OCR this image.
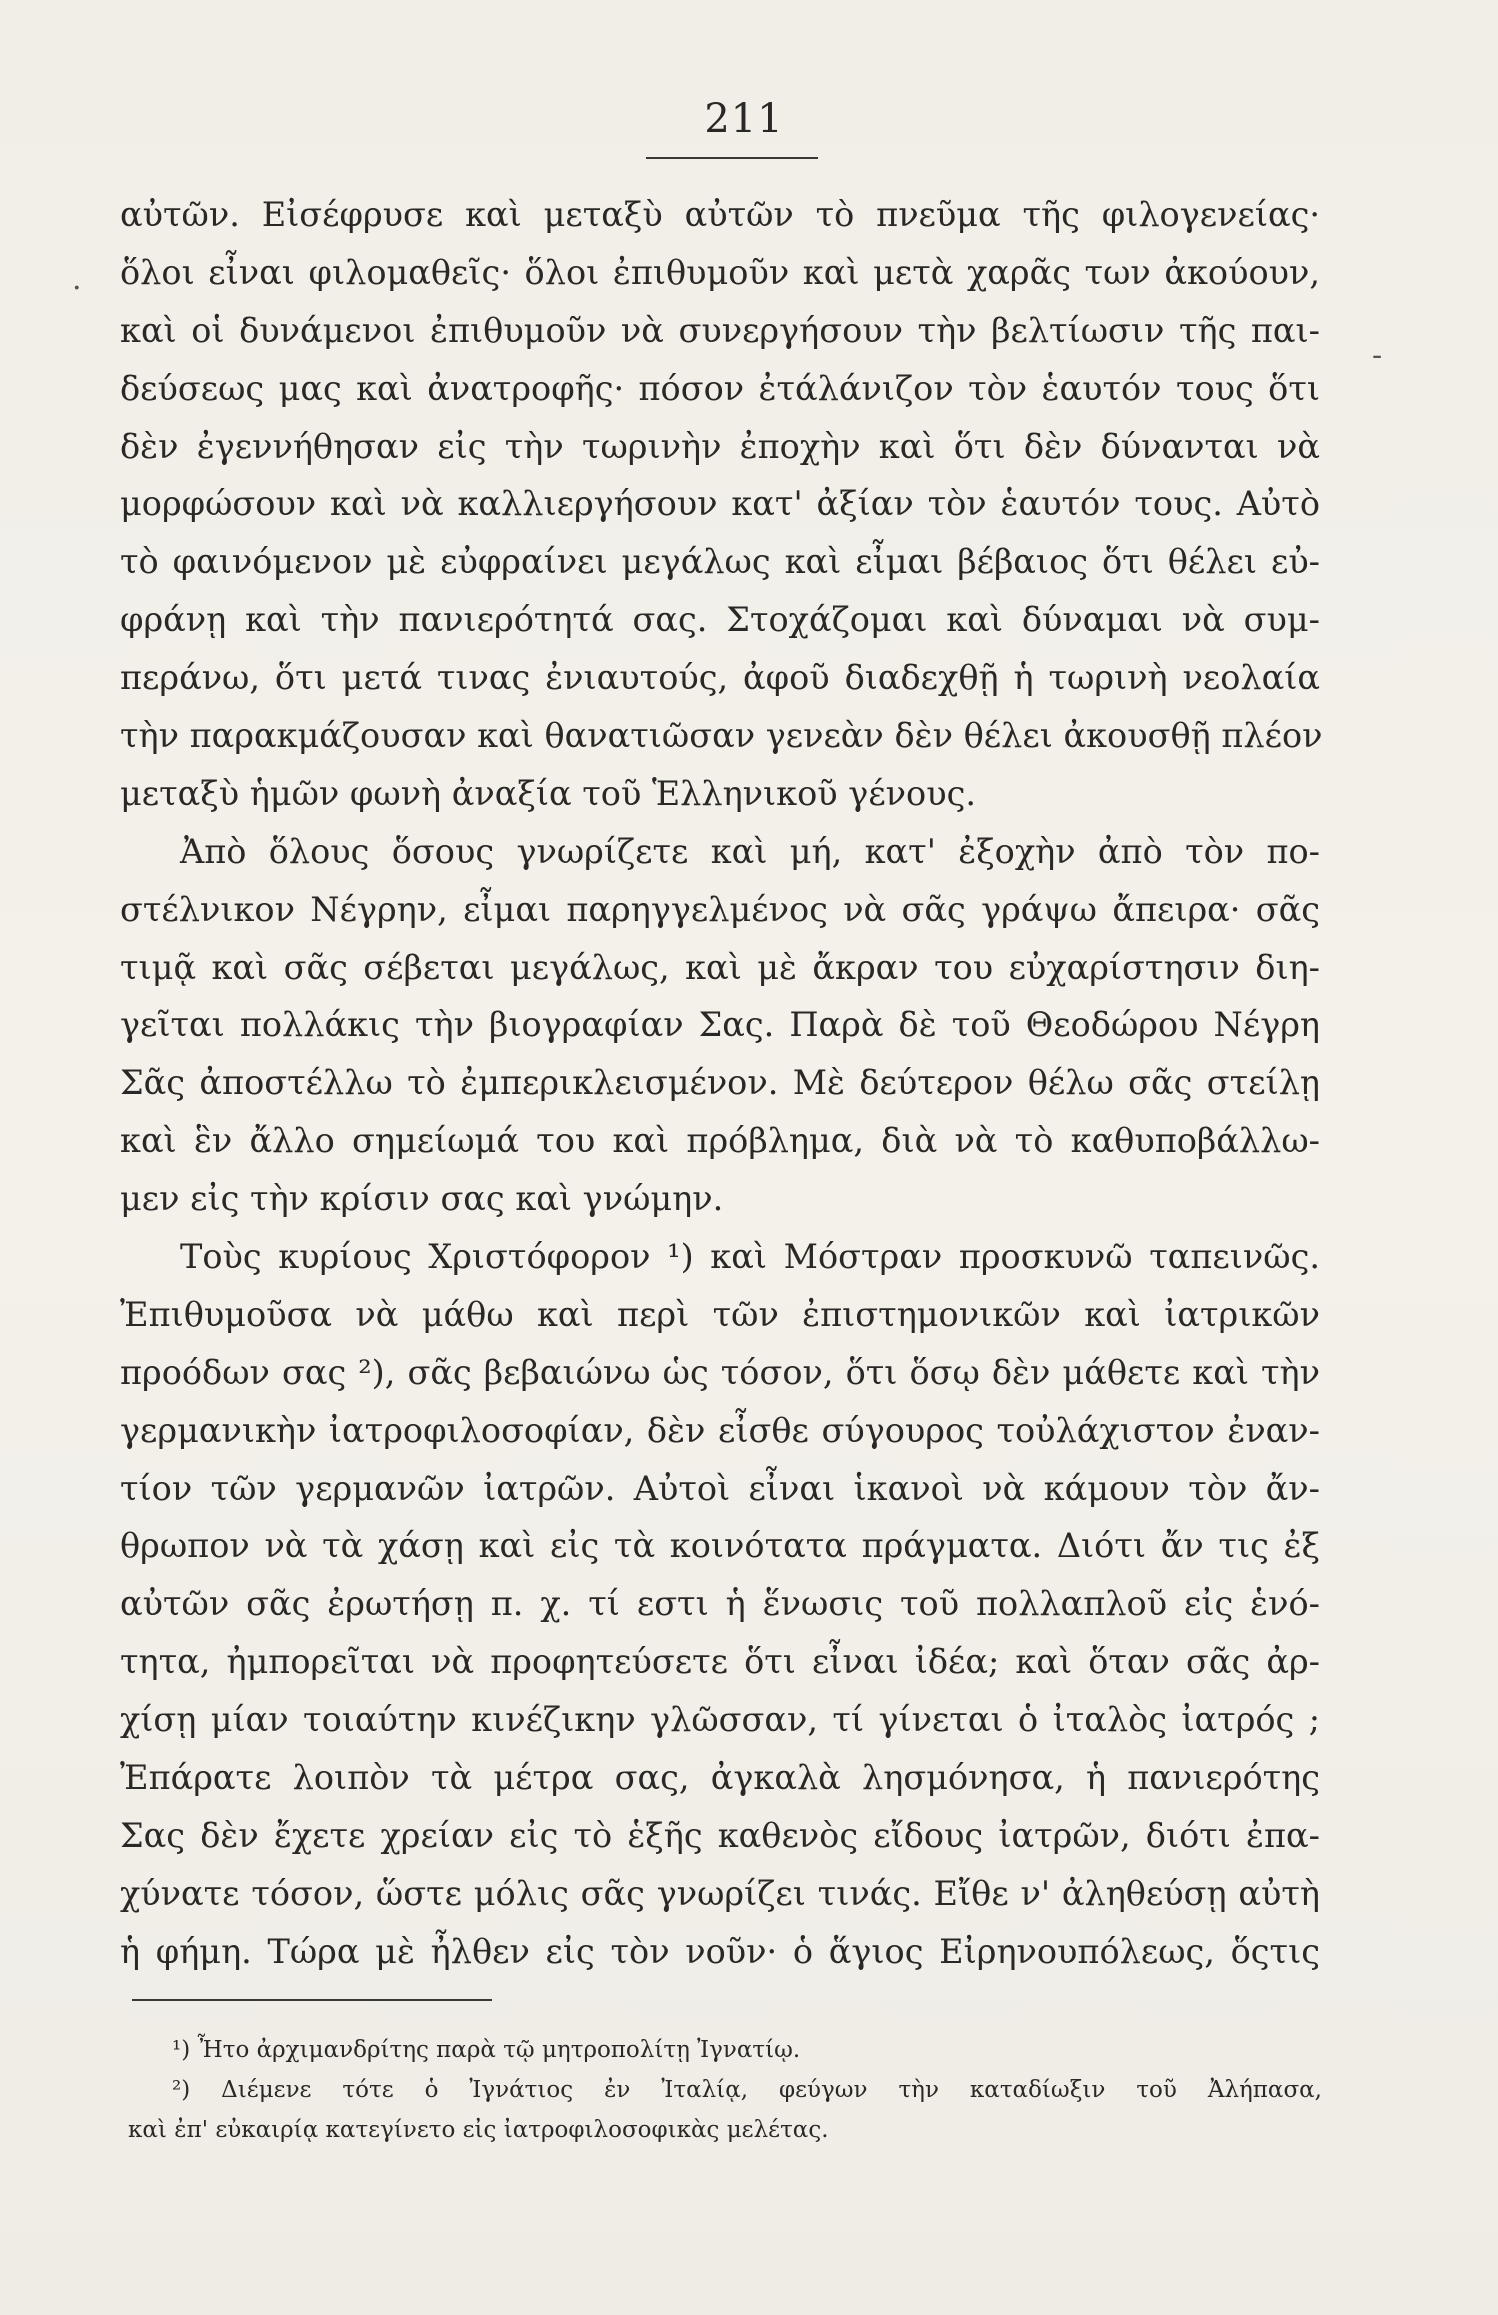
211
.
-
αὐτῶν. Εἰσέφρυσε καὶ μεταξὺ αὐτῶν τὸ πνεῦμα τῆς φιλογενείας·
ὅλοι εἶναι φιλομαθεῖς· ὅλοι ἐπιθυμοῦν καὶ μετὰ χαρᾶς των ἀκούουν,
καὶ οἱ δυνάμενοι ἐπιθυμοῦν νὰ συνεργήσουν τὴν βελτίωσιν τῆς παι-
δεύσεως μας καὶ ἀνατροφῆς· πόσον ἐτάλάνιζον τὸν ἑαυτόν τους ὅτι
δὲν ἐγεννήθησαν εἰς τὴν τωρινὴν ἐποχὴν καὶ ὅτι δὲν δύνανται νὰ
μορφώσουν καὶ νὰ καλλιεργήσουν κατ' ἀξίαν τὸν ἑαυτόν τους. Αὐτὸ
τὸ φαινόμενον μὲ εὐφραίνει μεγάλως καὶ εἶμαι βέβαιος ὅτι θέλει εὐ-
φράνῃ καὶ τὴν πανιερότητά σας. Στοχάζομαι καὶ δύναμαι νὰ συμ-
περάνω, ὅτι μετά τινας ἐνιαυτούς, ἀφοῦ διαδεχθῇ ἡ τωρινὴ νεολαία
τὴν παρακμάζουσαν καὶ θανατιῶσαν γενεὰν δὲν θέλει ἀκουσθῇ πλέον
μεταξὺ ἡμῶν φωνὴ ἀναξία τοῦ Ἑλληνικοῦ γένους.
Ἀπὸ ὅλους ὅσους γνωρίζετε καὶ μή, κατ' ἐξοχὴν ἀπὸ τὸν πο-
στέλνικον Νέγρην, εἶμαι παρηγγελμένος νὰ σᾶς γράψω ἄπειρα· σᾶς
τιμᾷ καὶ σᾶς σέβεται μεγάλως, καὶ μὲ ἄκραν του εὐχαρίστησιν διη-
γεῖται πολλάκις τὴν βιογραφίαν Σας. Παρὰ δὲ τοῦ Θεοδώρου Νέγρη
Σᾶς ἀποστέλλω τὸ ἐμπερικλεισμένον. Μὲ δεύτερον θέλω σᾶς στείλῃ
καὶ ἓν ἄλλο σημείωμά του καὶ πρόβλημα, διὰ νὰ τὸ καθυποβάλλω-
μεν εἰς τὴν κρίσιν σας καὶ γνώμην.
Τοὺς κυρίους Χριστόφορον ¹) καὶ Μόστραν προσκυνῶ ταπεινῶς.
Ἐπιθυμοῦσα νὰ μάθω καὶ περὶ τῶν ἐπιστημονικῶν καὶ ἰατρικῶν
προόδων σας ²), σᾶς βεβαιώνω ὡς τόσον, ὅτι ὅσῳ δὲν μάθετε καὶ τὴν
γερμανικὴν ἰατροφιλοσοφίαν, δὲν εἶσθε σύγουρος τοὐλάχιστον ἐναν-
τίον τῶν γερμανῶν ἰατρῶν. Αὐτοὶ εἶναι ἱκανοὶ νὰ κάμουν τὸν ἄν-
θρωπον νὰ τὰ χάσῃ καὶ εἰς τὰ κοινότατα πράγματα. Διότι ἄν τις ἐξ
αὐτῶν σᾶς ἐρωτήσῃ π. χ. τί εστι ἡ ἕνωσις τοῦ πολλαπλοῦ εἰς ἑνό-
τητα, ἠμπορεῖται νὰ προφητεύσετε ὅτι εἶναι ἰδέα; καὶ ὅταν σᾶς ἀρ-
χίσῃ μίαν τοιαύτην κινέζικην γλῶσσαν, τί γίνεται ὁ ἰταλὸς ἰατρός ;
Ἐπάρατε λοιπὸν τὰ μέτρα σας, ἀγκαλὰ λησμόνησα, ἡ πανιερότης
Σας δὲν ἔχετε χρείαν εἰς τὸ ἑξῆς καθενὸς εἴδους ἰατρῶν, διότι ἐπα-
χύνατε τόσον, ὥστε μόλις σᾶς γνωρίζει τινάς. Εἴθε ν' ἀληθεύσῃ αὐτὴ
ἡ φήμη. Τώρα μὲ ἦλθεν εἰς τὸν νοῦν· ὁ ἅγιος Εἰρηνουπόλεως, ὅςτις
¹) Ἦτο ἀρχιμανδρίτης παρὰ τῷ μητροπολίτῃ Ἰγνατίῳ.
²) Διέμενε τότε ὁ Ἰγνάτιος ἐν Ἰταλίᾳ, φεύγων τὴν καταδίωξιν τοῦ Ἀλήπασα,
καὶ ἐπ' εὐκαιρίᾳ κατεγίνετο εἰς ἰατροφιλοσοφικὰς μελέτας.
